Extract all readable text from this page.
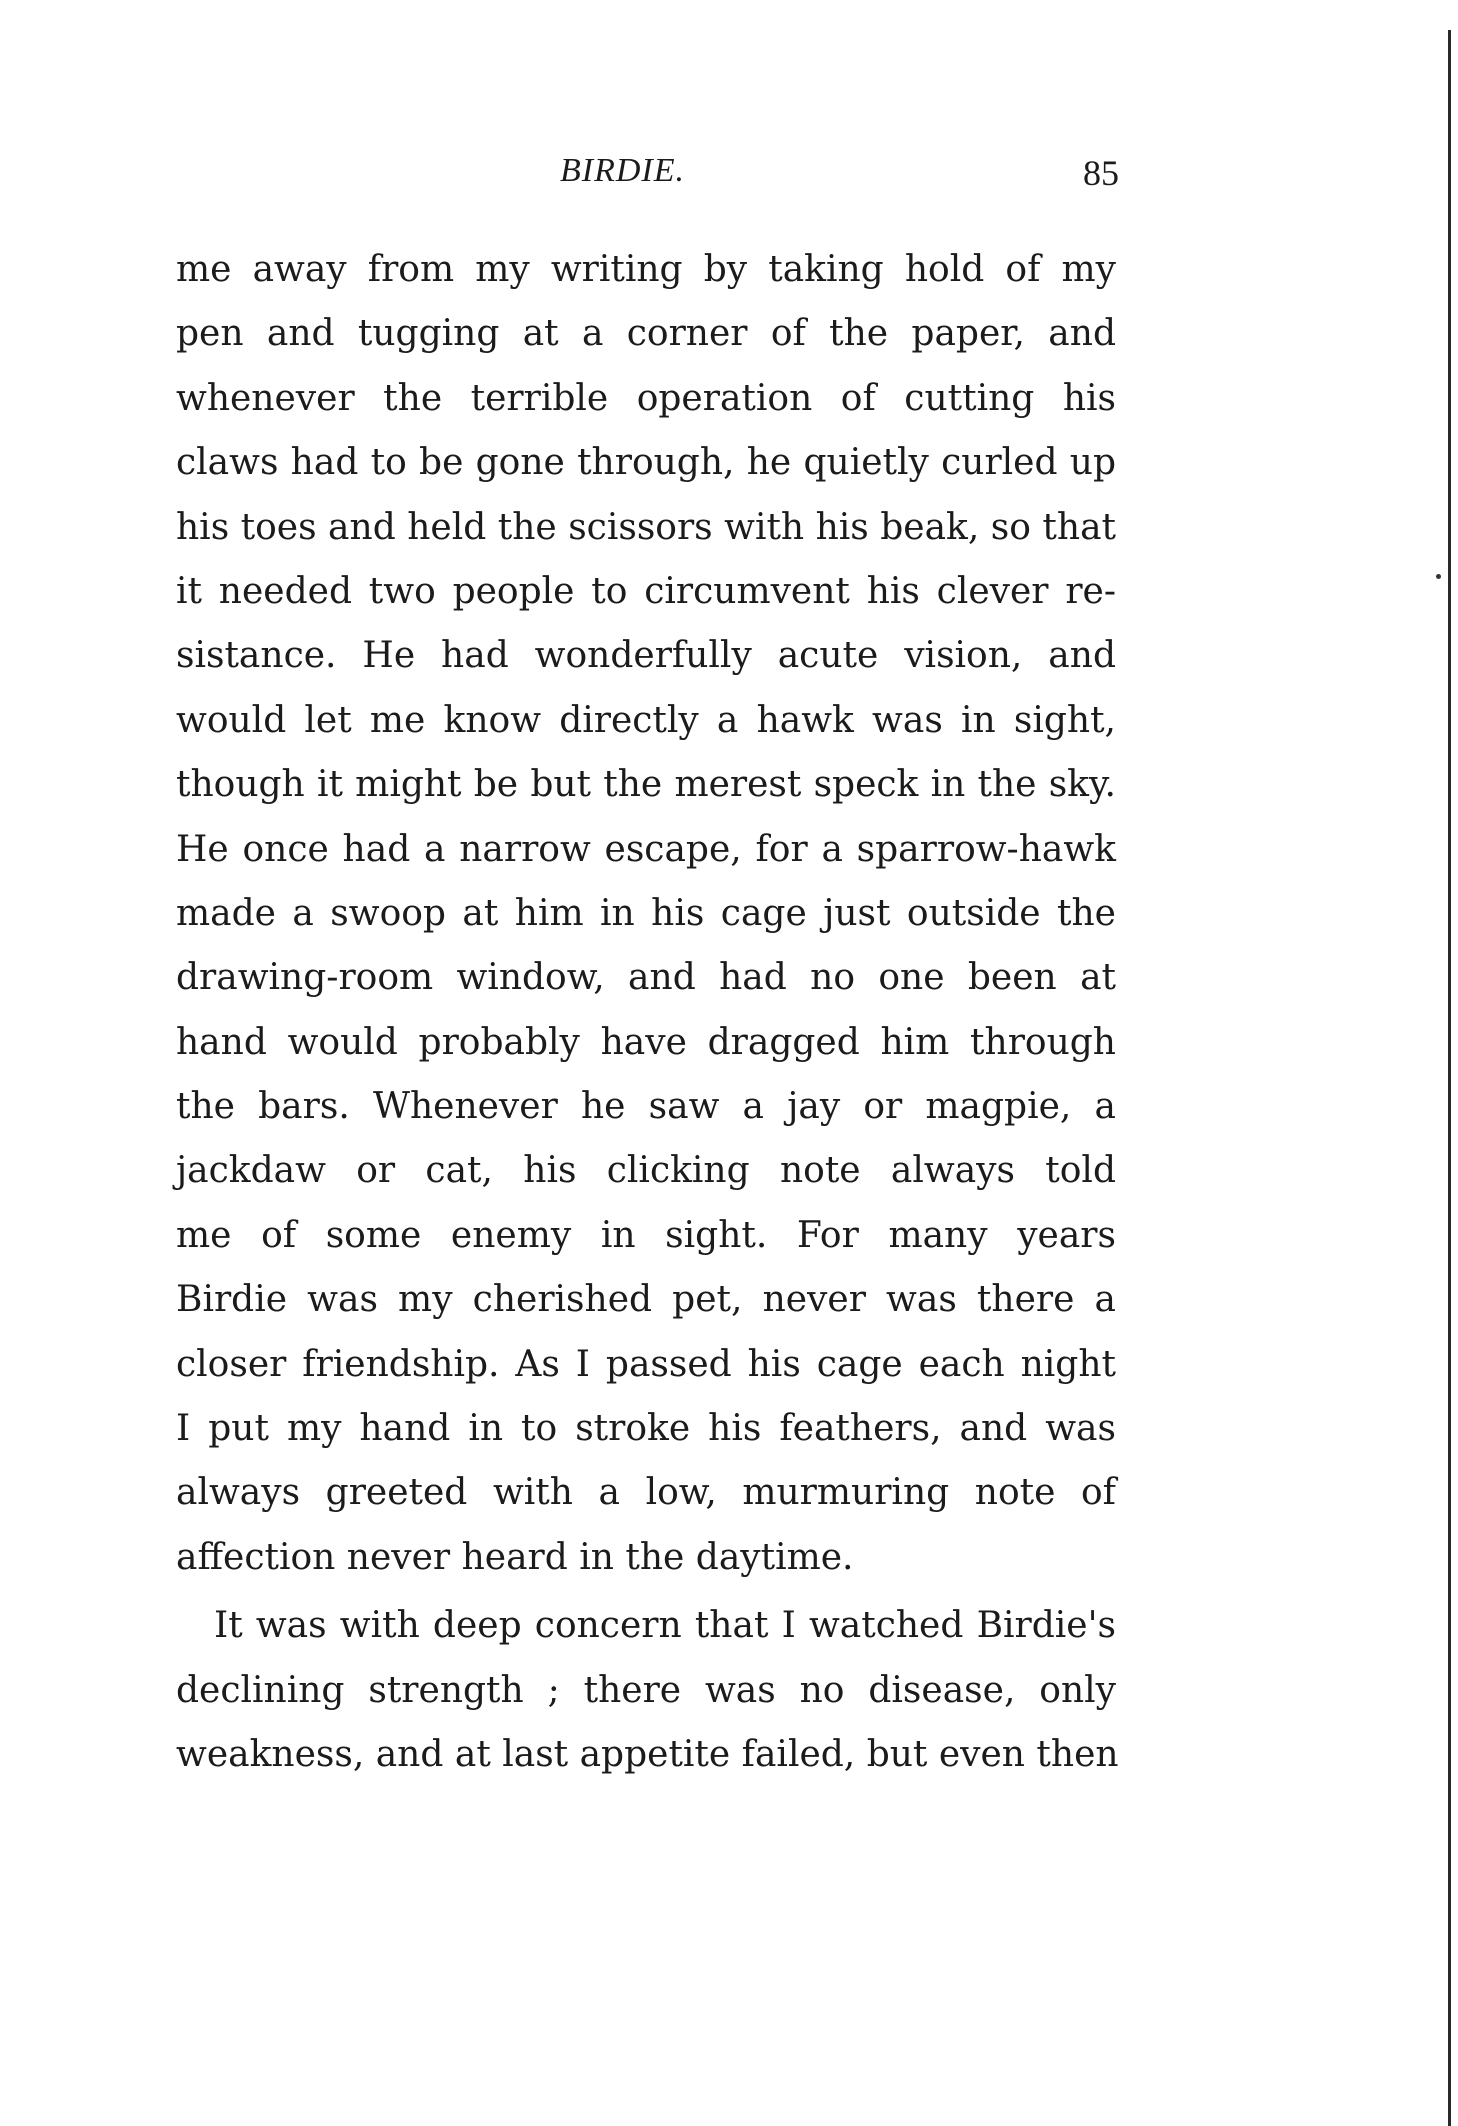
BIRDIE.	85
me away from my writing by taking hold of my
pen and tugging at a corner of the paper, and
whenever the terrible operation of cutting his
claws had to be gone through, he quietly curled up
his toes and held the scissors with his beak, so that
it needed two people to circumvent his clever re-
sistance. He had wonderfully acute vision, and
would let me know directly a hawk was in sight,
though it might be but the merest speck in the sky.
He once had a narrow escape, for a sparrow-hawk
made a swoop at him in his cage just outside the
drawing-room window, and had no one been at
hand would probably have dragged him through
the bars. Whenever he saw a jay or magpie, a
jackdaw or cat, his clicking note always told
me of some enemy in sight. For many years
Birdie was my cherished pet, never was there a
closer friendship. As I passed his cage each night
I put my hand in to stroke his feathers, and was
always greeted with a low, murmuring note of
affection never heard in the daytime.
It was with deep concern that I watched Birdie's
declining strength ; there was no disease, only
weakness, and at last appetite failed, but even then
